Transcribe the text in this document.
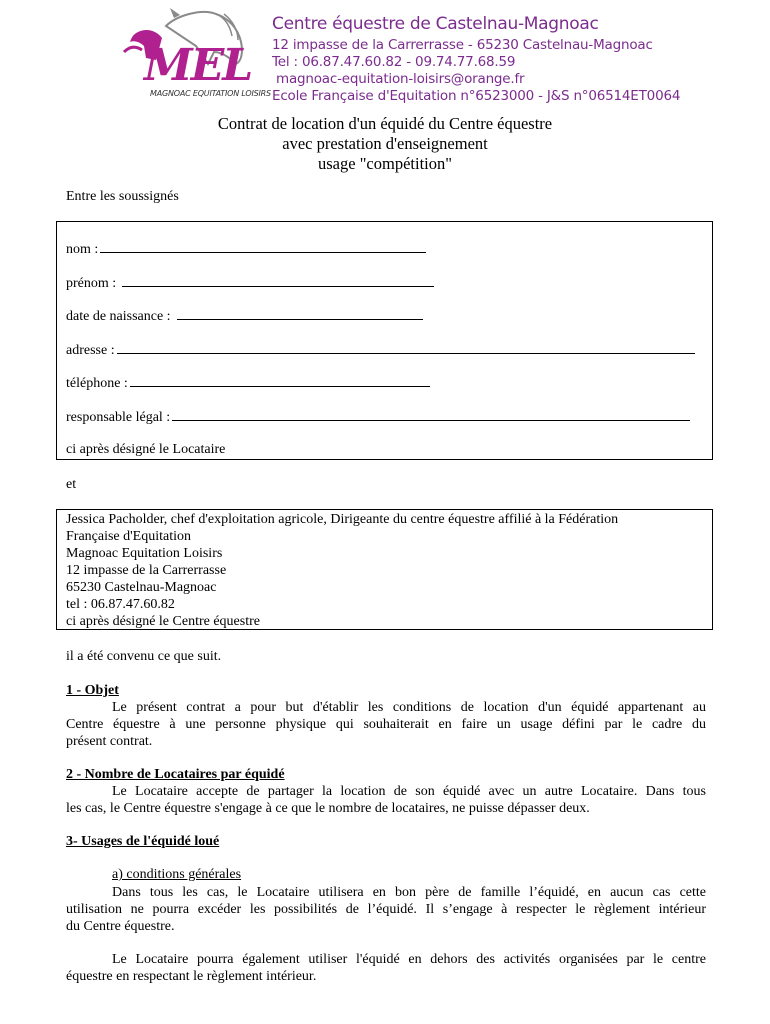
MEL
MAGNOAC EQUITATION LOISIRS
Centre équestre de Castelnau-Magnoac
12 impasse de la Carrerrasse - 65230 Castelnau-Magnoac
Tel : 06.87.47.60.82 - 09.74.77.68.59
magnoac-equitation-loisirs@orange.fr
Ecole Française d'Equitation n°6523000 - J&S n°06514ET0064
Contrat de location d'un équidé du Centre équestre
avec prestation d'enseignement
usage "compétition"
Entre les soussignés
nom :
prénom :
date de naissance :
adresse :
téléphone :
responsable légal :
ci après désigné le Locataire
et
Jessica Pacholder, chef d'exploitation agricole, Dirigeante du centre équestre affilié à la Fédération
Française d'Equitation
Magnoac Equitation Loisirs
12 impasse de la Carrerrasse
65230 Castelnau-Magnoac
tel : 06.87.47.60.82
ci après désigné le Centre équestre
il a été convenu ce que suit.
1 - Objet
Le présent contrat a pour but d'établir les conditions de location d'un équidé appartenant au
Centre équestre à une personne physique qui souhaiterait en faire un usage défini par le cadre du
présent contrat.
2 - Nombre de Locataires par équidé
Le Locataire accepte de partager la location de son équidé avec un autre Locataire. Dans tous
les cas, le Centre équestre s'engage à ce que le nombre de locataires, ne puisse dépasser deux.
3- Usages de l'équidé loué
a) conditions générales
Dans tous les cas, le Locataire utilisera en bon père de famille l’équidé, en aucun cas cette
utilisation ne pourra excéder les possibilités de l’équidé. Il s’engage à respecter le règlement intérieur
du Centre équestre.
Le Locataire pourra également utiliser l'équidé en dehors des activités organisées par le centre
équestre en respectant le règlement intérieur.
